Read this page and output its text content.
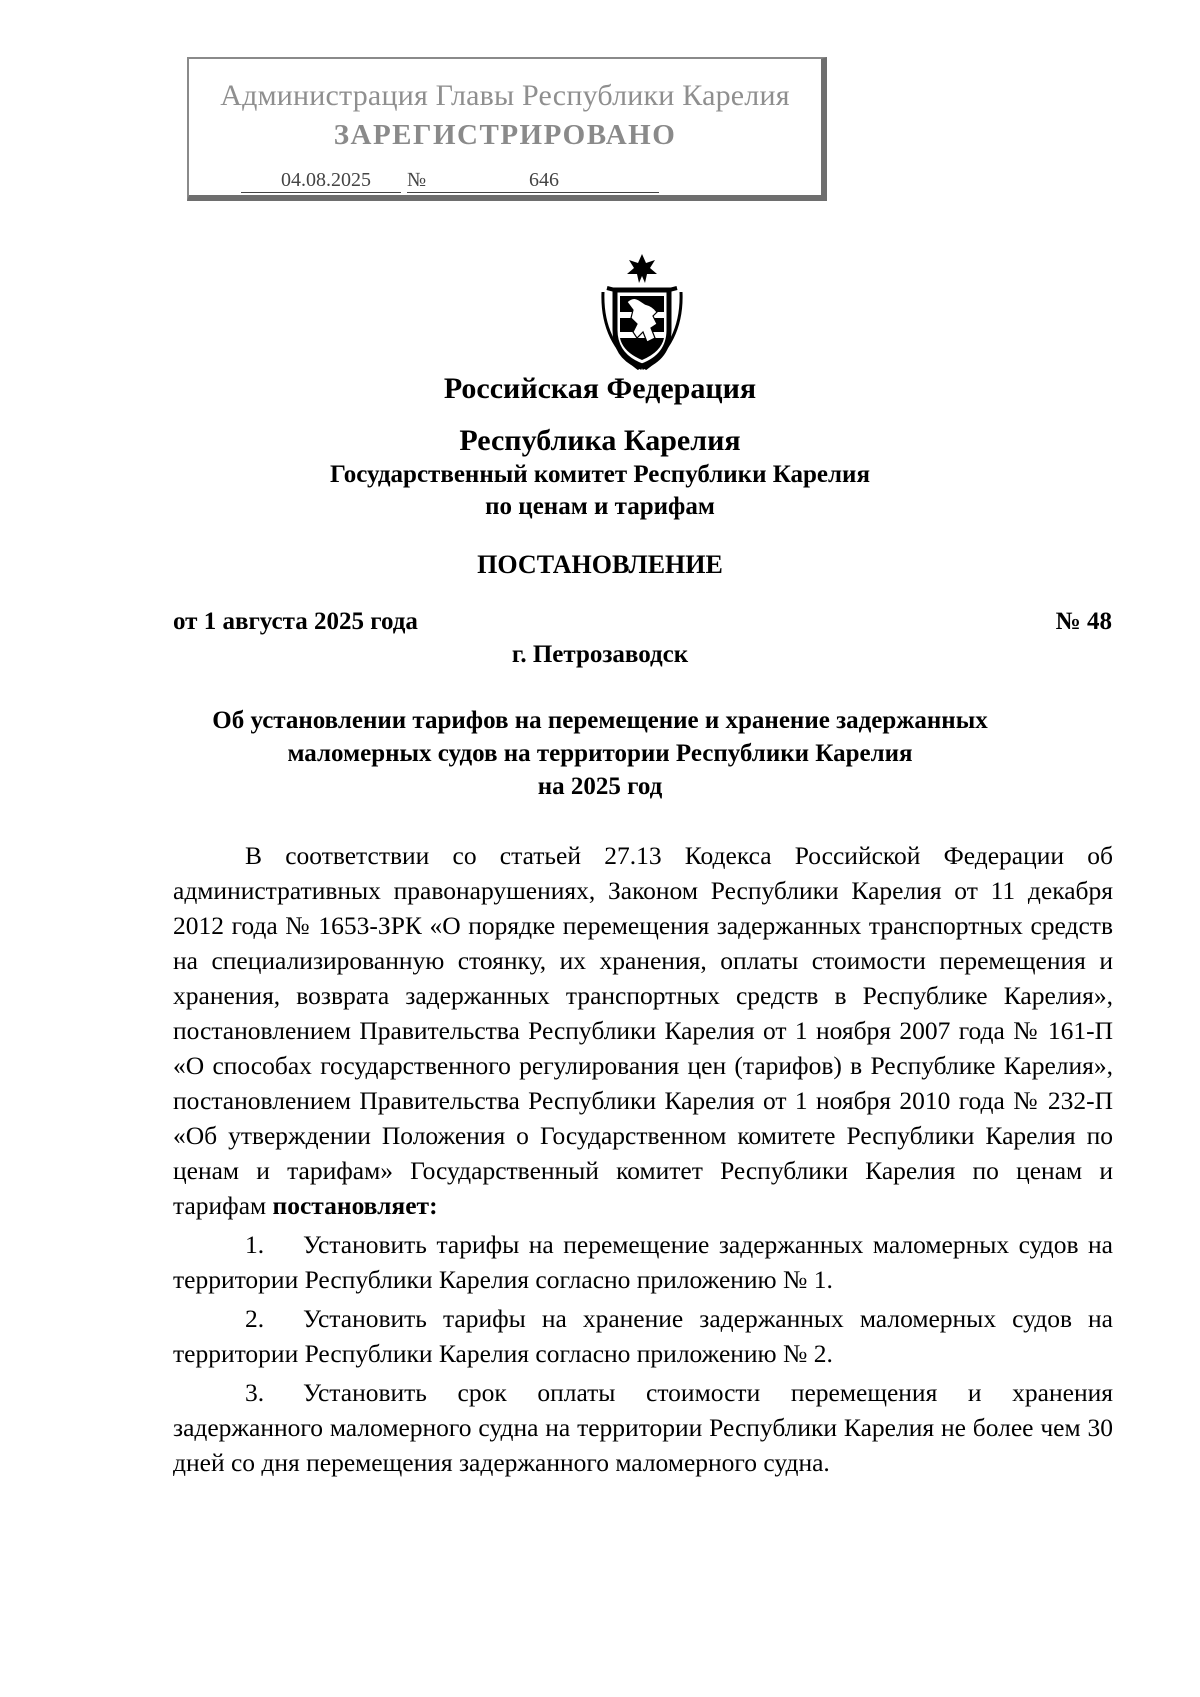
Администрация Главы Республики Карелия
ЗАРЕГИСТРИРОВАНО
04.08.2025	№	646
Российская Федерация
Республика Карелия
Государственный комитет Республики Карелия
по ценам и тарифам
ПОСТАНОВЛЕНИЕ
от 1 августа 2025 года	№ 48
г. Петрозаводск
Об установлении тарифов на перемещение и хранение задержанных
маломерных судов на территории Республики Карелия
на 2025 год

В соответствии со статьей 27.13 Кодекса Российской Федерации об административных правонарушениях, Законом Республики Карелия от 11 декабря 2012 года № 1653-ЗРК «О порядке перемещения задержанных транспортных средств на специализированную стоянку, их хранения, оплаты стоимости перемещения и хранения, возврата задержанных транспортных средств в Республике Карелия», постановлением Правительства Республики Карелия от 1 ноября 2007 года № 161-П «О способах государственного регулирования цен (тарифов) в Республике Карелия», постановлением Правительства Республики Карелия от 1 ноября 2010 года № 232-П «Об утверждении Положения о Государственном комитете Республики Карелия по ценам и тарифам» Государственный комитет Республики Карелия по ценам и тарифам постановляет:

1. Установить тарифы на перемещение задержанных маломерных судов на территории Республики Карелия согласно приложению № 1.

2. Установить тарифы на хранение задержанных маломерных судов на территории Республики Карелия согласно приложению № 2.

3. Установить срок оплаты стоимости перемещения и хранения задержанного маломерного судна на территории Республики Карелия не более чем 30 дней со дня перемещения задержанного маломерного судна.
